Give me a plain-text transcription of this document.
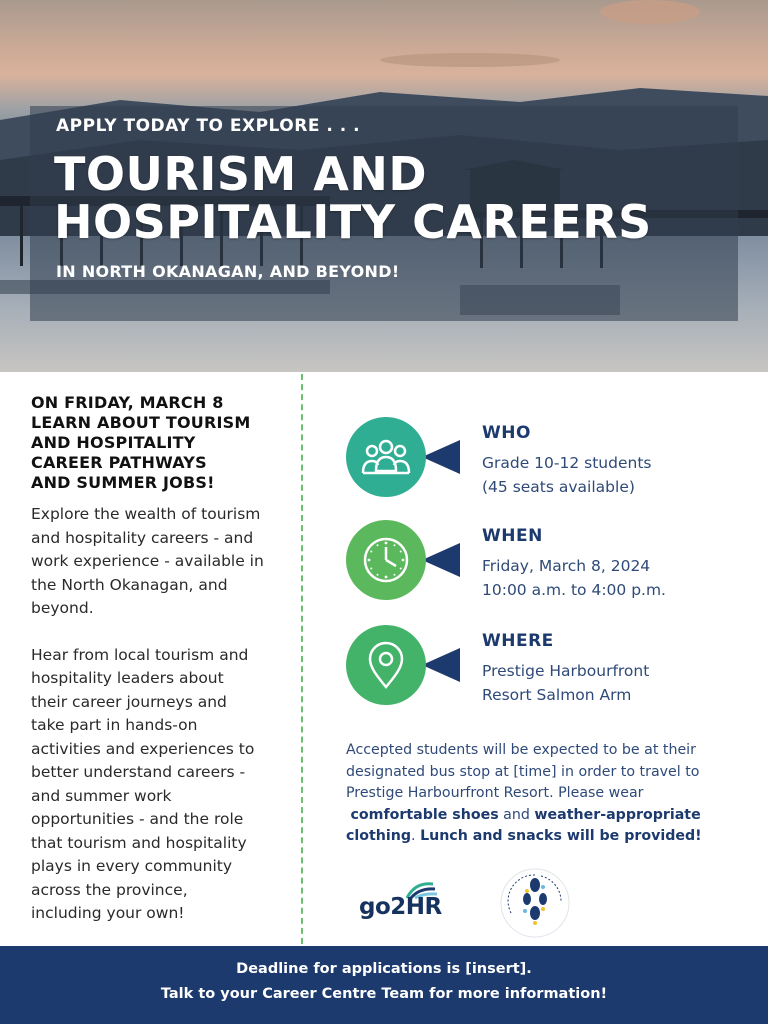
APPLY TODAY TO EXPLORE . . .
TOURISM AND
HOSPITALITY CAREERS
IN NORTH OKANAGAN, AND BEYOND!
ON FRIDAY, MARCH 8
LEARN ABOUT TOURISM
AND HOSPITALITY
CAREER PATHWAYS
AND SUMMER JOBS!

Explore the wealth of tourism
and hospitality careers - and
work experience - available in
the North Okanagan, and
beyond.

Hear from local tourism and
hospitality leaders about
their career journeys and
take part in hands-on
activities and experiences to
better understand careers -
and summer work
opportunities - and the role
that tourism and hospitality
plays in every community
across the province,
including your own!

WHO
Grade 10-12 students
(45 seats available)
WHEN
Friday, March 8, 2024
10:00 a.m. to 4:00 p.m.
WHERE
Prestige Harbourfront
Resort Salmon Arm
Accepted students will be expected to be at their
designated bus stop at [time] in order to travel to
Prestige Harbourfront Resort. Please wear
comfortable shoes and weather-appropriate
clothing. Lunch and snacks will be provided!
go2HR
Deadline for applications is [insert].
Talk to your Career Centre Team for more information!
